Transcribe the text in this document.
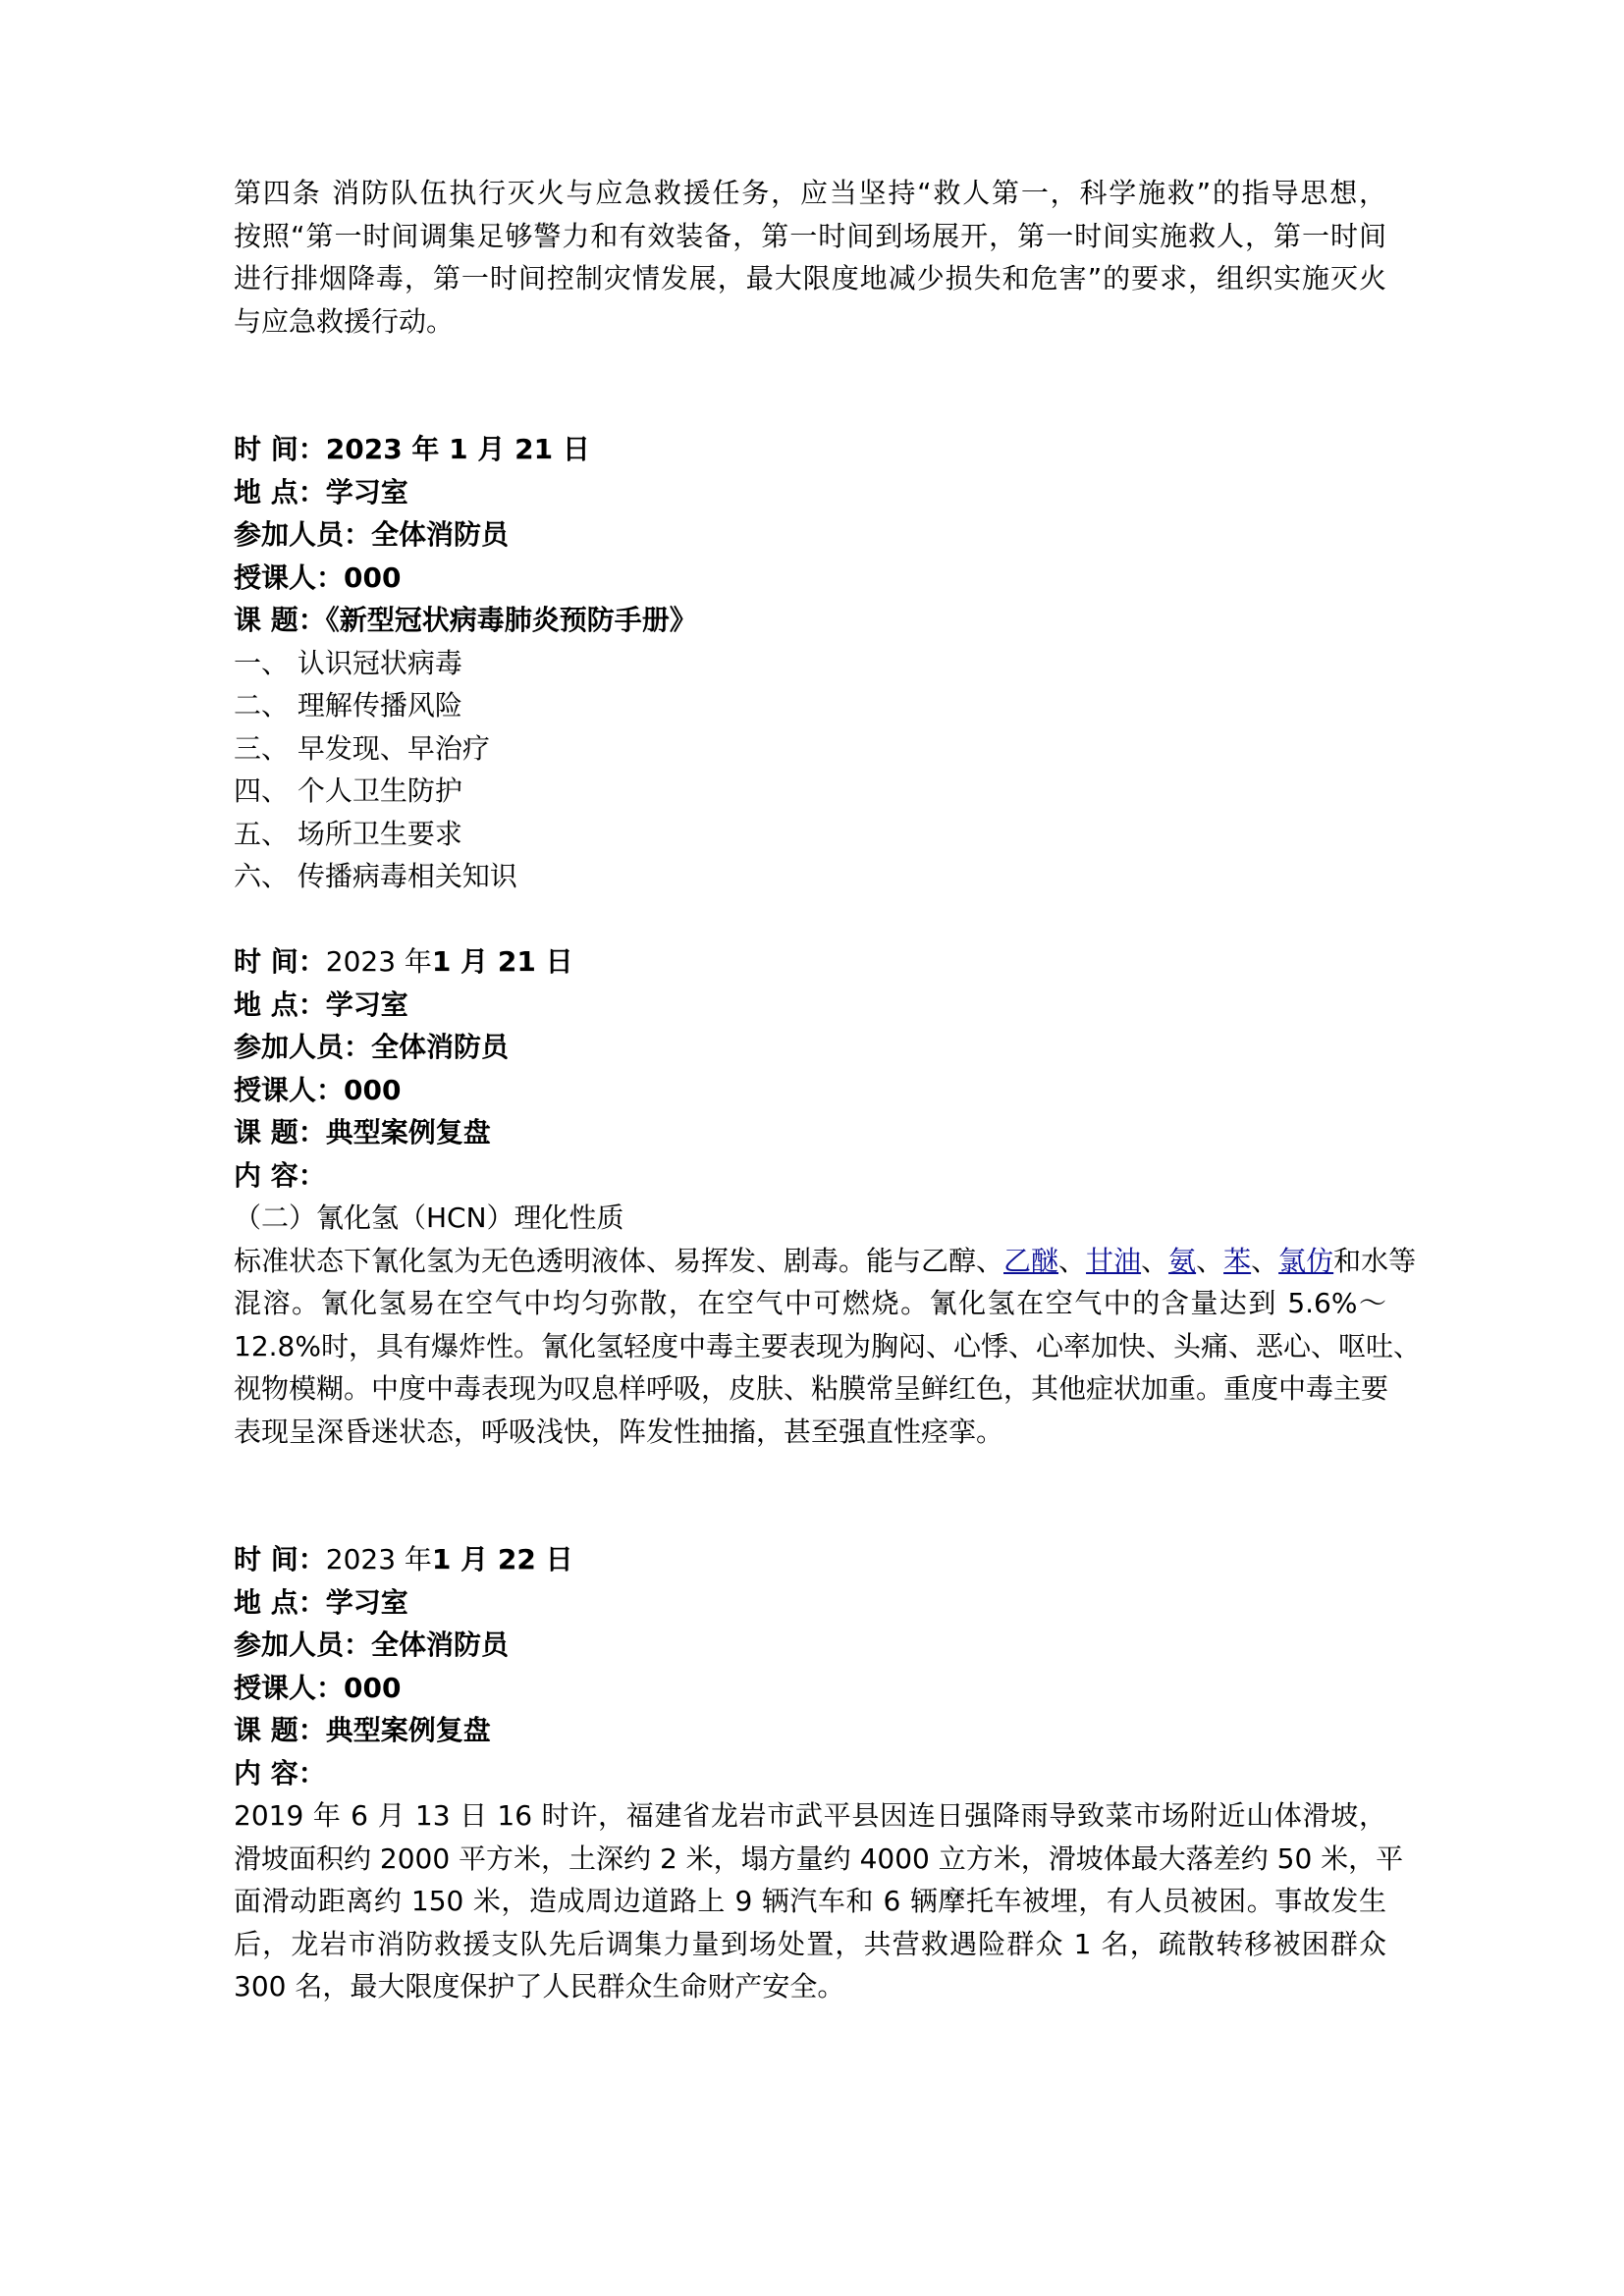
第四条 消防队伍执行灭火与应急救援任务，应当坚持“救人第一，科学施救”的指导思想，
按照“第一时间调集足够警力和有效装备，第一时间到场展开，第一时间实施救人，第一时间
进行排烟降毒，第一时间控制灾情发展，最大限度地减少损失和危害”的要求，组织实施灭火
与应急救援行动。
时 间：2023 年 1 月 21 日
地 点：学习室
参加人员：全体消防员
授课人：000
课 题：《新型冠状病毒肺炎预防手册》
一、 认识冠状病毒
二、 理解传播风险
三、 早发现、早治疗
四、 个人卫生防护
五、 场所卫生要求
六、 传播病毒相关知识
时 间：2023 年1 月 21 日
地 点：学习室
参加人员：全体消防员
授课人：000
课 题：典型案例复盘
内 容：
（二）氰化氢（HCN）理化性质
标准状态下氰化氢为无色透明液体、易挥发、剧毒。能与乙醇、乙醚、甘油、氨、苯、氯仿和水等
混溶。氰化氢易在空气中均匀弥散，在空气中可燃烧。氰化氢在空气中的含量达到 5.6%～
12.8%时，具有爆炸性。氰化氢轻度中毒主要表现为胸闷、心悸、心率加快、头痛、恶心、呕吐、
视物模糊。中度中毒表现为叹息样呼吸，皮肤、粘膜常呈鲜红色，其他症状加重。重度中毒主要
表现呈深昏迷状态，呼吸浅快，阵发性抽搐，甚至强直性痉挛。
时 间：2023 年1 月 22 日
地 点：学习室
参加人员：全体消防员
授课人：000
课 题：典型案例复盘
内 容：
2019 年 6 月 13 日 16 时许，福建省龙岩市武平县因连日强降雨导致菜市场附近山体滑坡，
滑坡面积约 2000 平方米，土深约 2 米，塌方量约 4000 立方米，滑坡体最大落差约 50 米，平
面滑动距离约 150 米，造成周边道路上 9 辆汽车和 6 辆摩托车被埋，有人员被困。事故发生
后，龙岩市消防救援支队先后调集力量到场处置，共营救遇险群众 1 名，疏散转移被困群众
300 名，最大限度保护了人民群众生命财产安全。
